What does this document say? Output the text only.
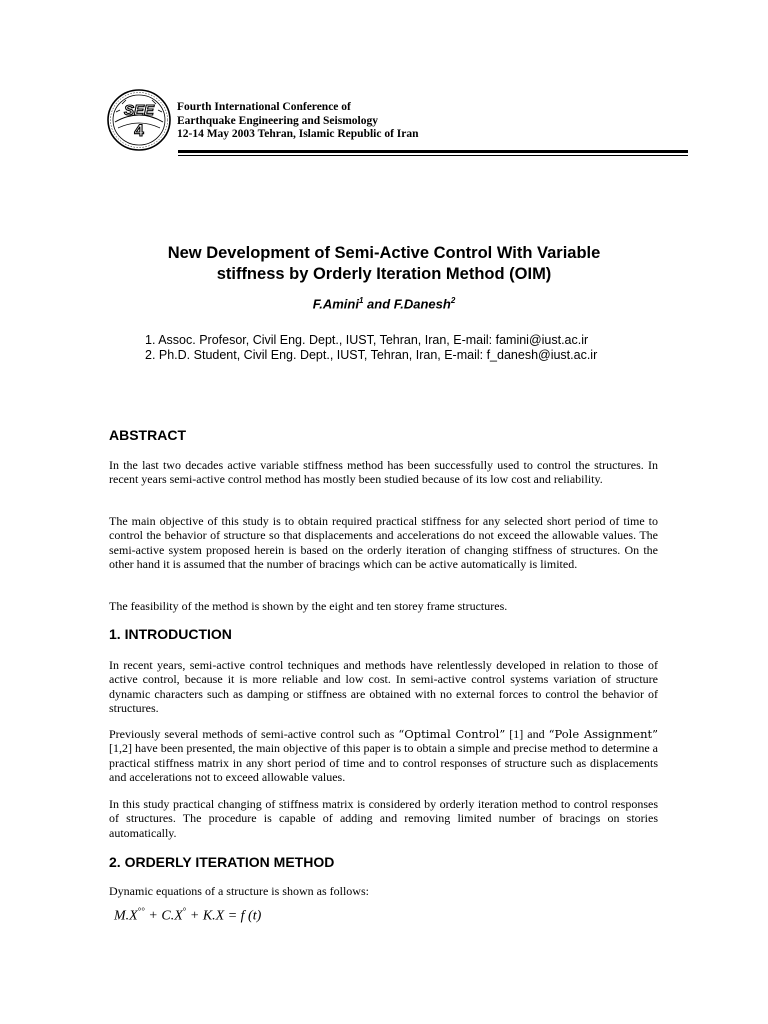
SEE
4
Fourth International Conference of
Earthquake Engineering and Seismology
12-14 May 2003 Tehran, Islamic Republic of Iran
New Development of Semi-Active Control With Variable
stiffness by Orderly Iteration Method (OIM)
F.Amini$^1$ and F.Danesh$^2$
1. Assoc. Profesor, Civil Eng. Dept., IUST, Tehran, Iran, E-mail: famini@iust.ac.ir
2. Ph.D. Student, Civil Eng. Dept., IUST, Tehran, Iran, E-mail: f_danesh@iust.ac.ir
ABSTRACT

In the last two decades active variable stiffness method has been successfully used to control the structures. In recent years semi-active control method has mostly been studied because of its low cost and reliability.

The main objective of this study is to obtain required practical stiffness for any selected short period of time to control the behavior of structure so that displacements and accelerations do not exceed the allowable values. The semi-active system proposed herein is based on the orderly iteration of changing stiffness of structures. On the other hand it is assumed that the number of bracings which can be active automatically is limited.

The feasibility of the method is shown by the eight and ten storey frame structures.

1. INTRODUCTION

In recent years, semi-active control techniques and methods have relentlessly developed in relation to those of active control, because it is more reliable and low cost. In semi-active control systems variation of structure dynamic characters such as damping or stiffness are obtained with no external forces to control the behavior of structures.

Previously several methods of semi-active control such as “Optimal Control” [1] and “Pole Assignment” [1,2] have been presented, the main objective of this paper is to obtain a simple and precise method to determine a practical stiffness matrix in any short period of time and to control responses of structure such as displacements and accelerations not to exceed allowable values.

In this study practical changing of stiffness matrix is considered by orderly iteration method to control responses of structures. The procedure is capable of adding and removing limited number of bracings on stories automatically.

2. ORDERLY ITERATION METHOD

Dynamic equations of a structure is shown as follows:

M.X°° + C.X° + K.X = f (t)
